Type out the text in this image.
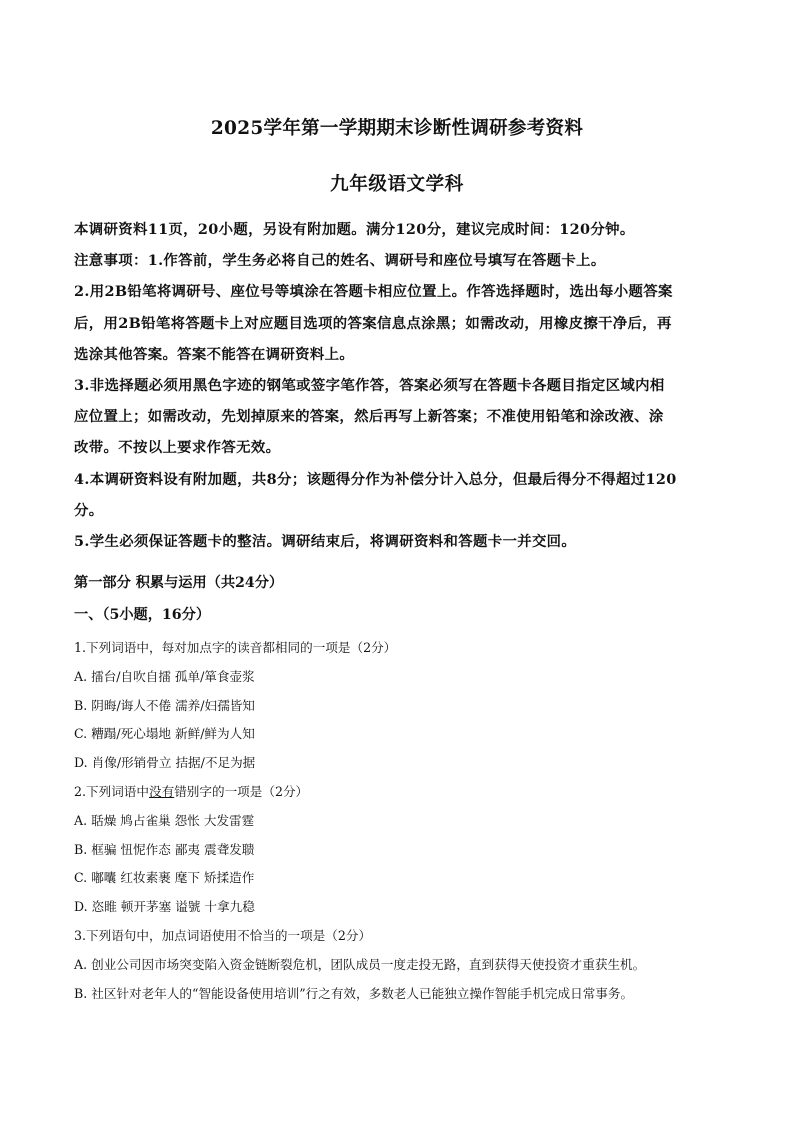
2025学年第一学期期末诊断性调研参考资料
九年级语文学科
本调研资料11页，20小题，另设有附加题。满分120分，建议完成时间：120分钟。
注意事项：1.作答前，学生务必将自己的姓名、调研号和座位号填写在答题卡上。
2.用2B铅笔将调研号、座位号等填涂在答题卡相应位置上。作答选择题时，选出每小题答案
后，用2B铅笔将答题卡上对应题目选项的答案信息点涂黑；如需改动，用橡皮擦干净后，再
选涂其他答案。答案不能答在调研资料上。
3.非选择题必须用黑色字迹的钢笔或签字笔作答，答案必须写在答题卡各题目指定区域内相
应位置上；如需改动，先划掉原来的答案，然后再写上新答案；不准使用铅笔和涂改液、涂
改带。不按以上要求作答无效。
4.本调研资料设有附加题，共8分；该题得分作为补偿分计入总分，但最后得分不得超过120
分。
5.学生必须保证答题卡的整洁。调研结束后，将调研资料和答题卡一并交回。
第一部分 积累与运用（共24分）
一、（5小题，16分）
1.下列词语中，每对加点字的读音都相同的一项是（2分）
A. 擂台/自吹自擂 孤单/箪食壶浆
B. 阴晦/诲人不倦 濡养/妇孺皆知
C. 糟蹋/死心塌地 新鲜/鲜为人知
D. 肖像/形销骨立 拮据/不足为据
2.下列词语中没有错别字的一项是（2分）
A. 聒燥 鸠占雀巢 怨怅 大发雷霆
B. 框骗 忸怩作态 鄙夷 震聋发聩
C. 嘟囔 红妆素裹 麾下 矫揉造作
D. 恣睢 顿开茅塞 谥號 十拿九稳
3.下列语句中，加点词语使用不恰当的一项是（2分）
A. 创业公司因市场突变陷入资金链断裂危机，团队成员一度走投无路，直到获得天使投资才重获生机。
B. 社区针对老年人的“智能设备使用培训”行之有效，多数老人已能独立操作智能手机完成日常事务。
